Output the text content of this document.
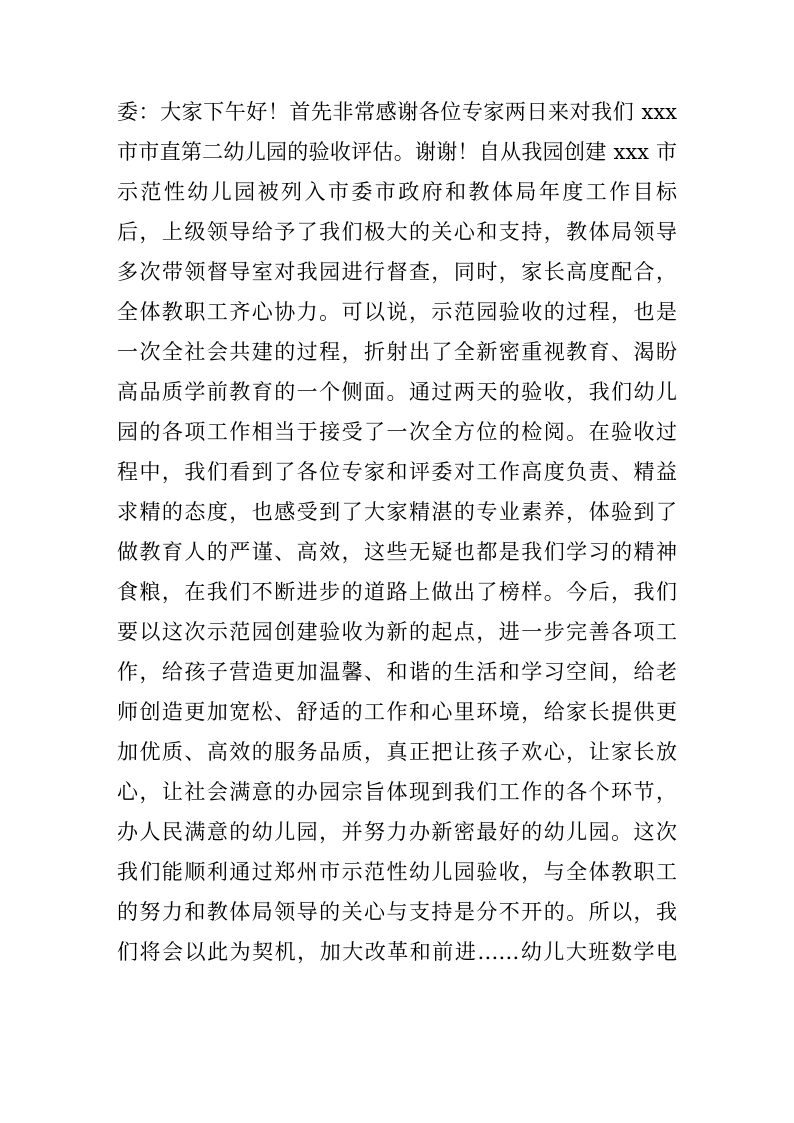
委：大家下午好！首先非常感谢各位专家两日来对我们 xxx
市市直第二幼儿园的验收评估。谢谢！自从我园创建 xxx 市
示范性幼儿园被列入市委市政府和教体局年度工作目标
后，上级领导给予了我们极大的关心和支持，教体局领导
多次带领督导室对我园进行督查，同时，家长高度配合，
全体教职工齐心协力。可以说，示范园验收的过程，也是
一次全社会共建的过程，折射出了全新密重视教育、渴盼
高品质学前教育的一个侧面。通过两天的验收，我们幼儿
园的各项工作相当于接受了一次全方位的检阅。在验收过
程中，我们看到了各位专家和评委对工作高度负责、精益
求精的态度，也感受到了大家精湛的专业素养，体验到了
做教育人的严谨、高效，这些无疑也都是我们学习的精神
食粮，在我们不断进步的道路上做出了榜样。今后，我们
要以这次示范园创建验收为新的起点，进一步完善各项工
作，给孩子营造更加温馨、和谐的生活和学习空间，给老
师创造更加宽松、舒适的工作和心里环境，给家长提供更
加优质、高效的服务品质，真正把让孩子欢心，让家长放
心，让社会满意的办园宗旨体现到我们工作的各个环节，
办人民满意的幼儿园，并努力办新密最好的幼儿园。这次
我们能顺利通过郑州市示范性幼儿园验收，与全体教职工
的努力和教体局领导的关心与支持是分不开的。所以，我
们将会以此为契机，加大改革和前进……幼儿大班数学电
